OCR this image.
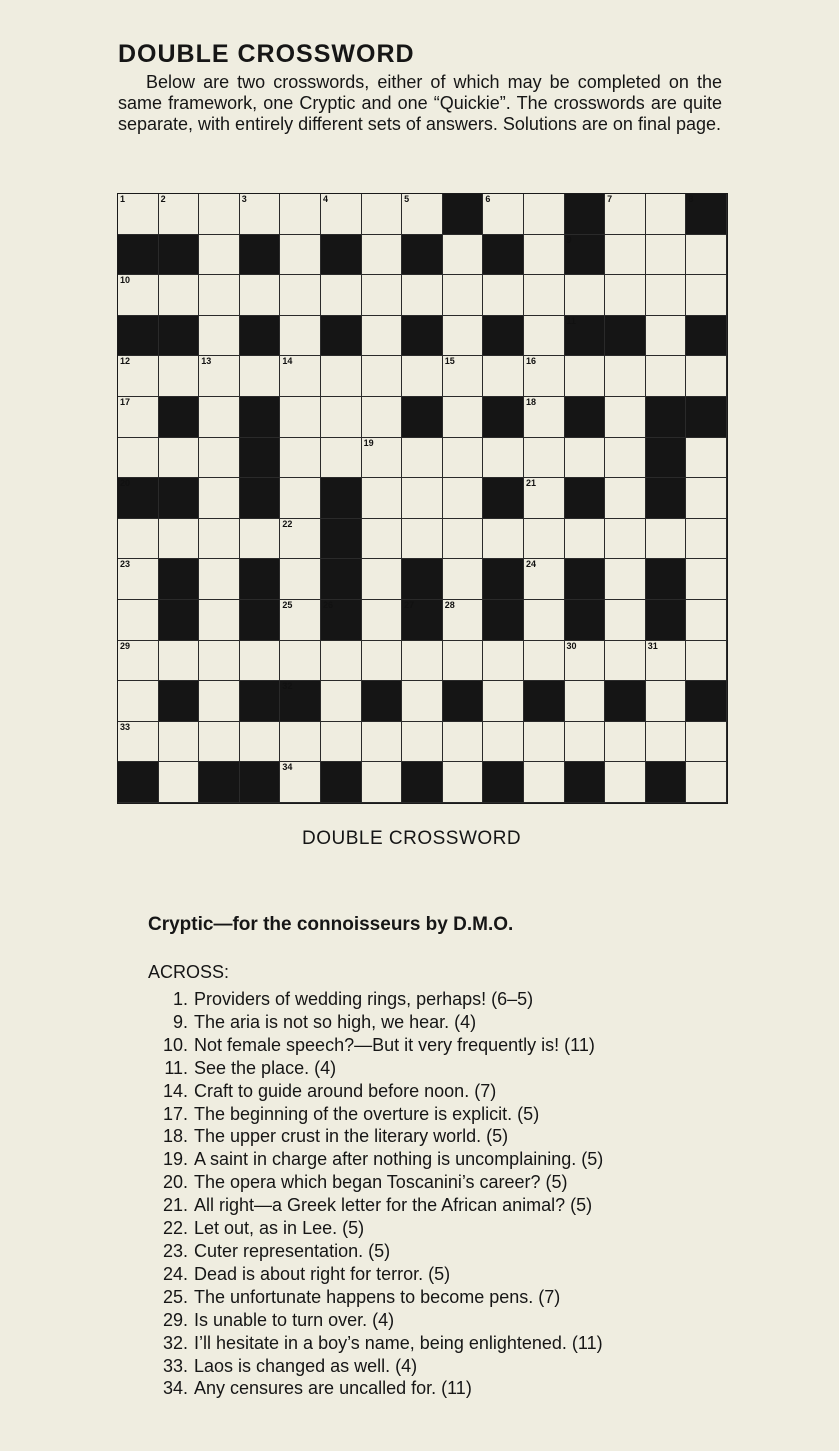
DOUBLE CROSSWORD

Below are two crosswords, either of which may be completed on the same framework, one Cryptic and one “Quickie”. The crosswords are quite separate, with entirely different sets of answers. Solutions are on final page.

1	2	3	4	5	6	7	8
9
10
11
12	13	14	15	16
17	18
19
20	21
22
23	24
25	26	27	28
29	30	31
32
33
34

DOUBLE CROSSWORD

Cryptic—for the connoisseurs by D.M.O.

ACROSS:

1. Providers of wedding rings, perhaps! (6–5)
9. The aria is not so high, we hear. (4)
10. Not female speech?—But it very frequently is! (11)
11. See the place. (4)
14. Craft to guide around before noon. (7)
17. The beginning of the overture is explicit. (5)
18. The upper crust in the literary world. (5)
19. A saint in charge after nothing is uncomplaining. (5)
20. The opera which began Toscanini’s career? (5)
21. All right—a Greek letter for the African animal? (5)
22. Let out, as in Lee. (5)
23. Cuter representation. (5)
24. Dead is about right for terror. (5)
25. The unfortunate happens to become pens. (7)
29. Is unable to turn over. (4)
32. I’ll hesitate in a boy’s name, being enlightened. (11)
33. Laos is changed as well. (4)
34. Any censures are uncalled for. (11)
